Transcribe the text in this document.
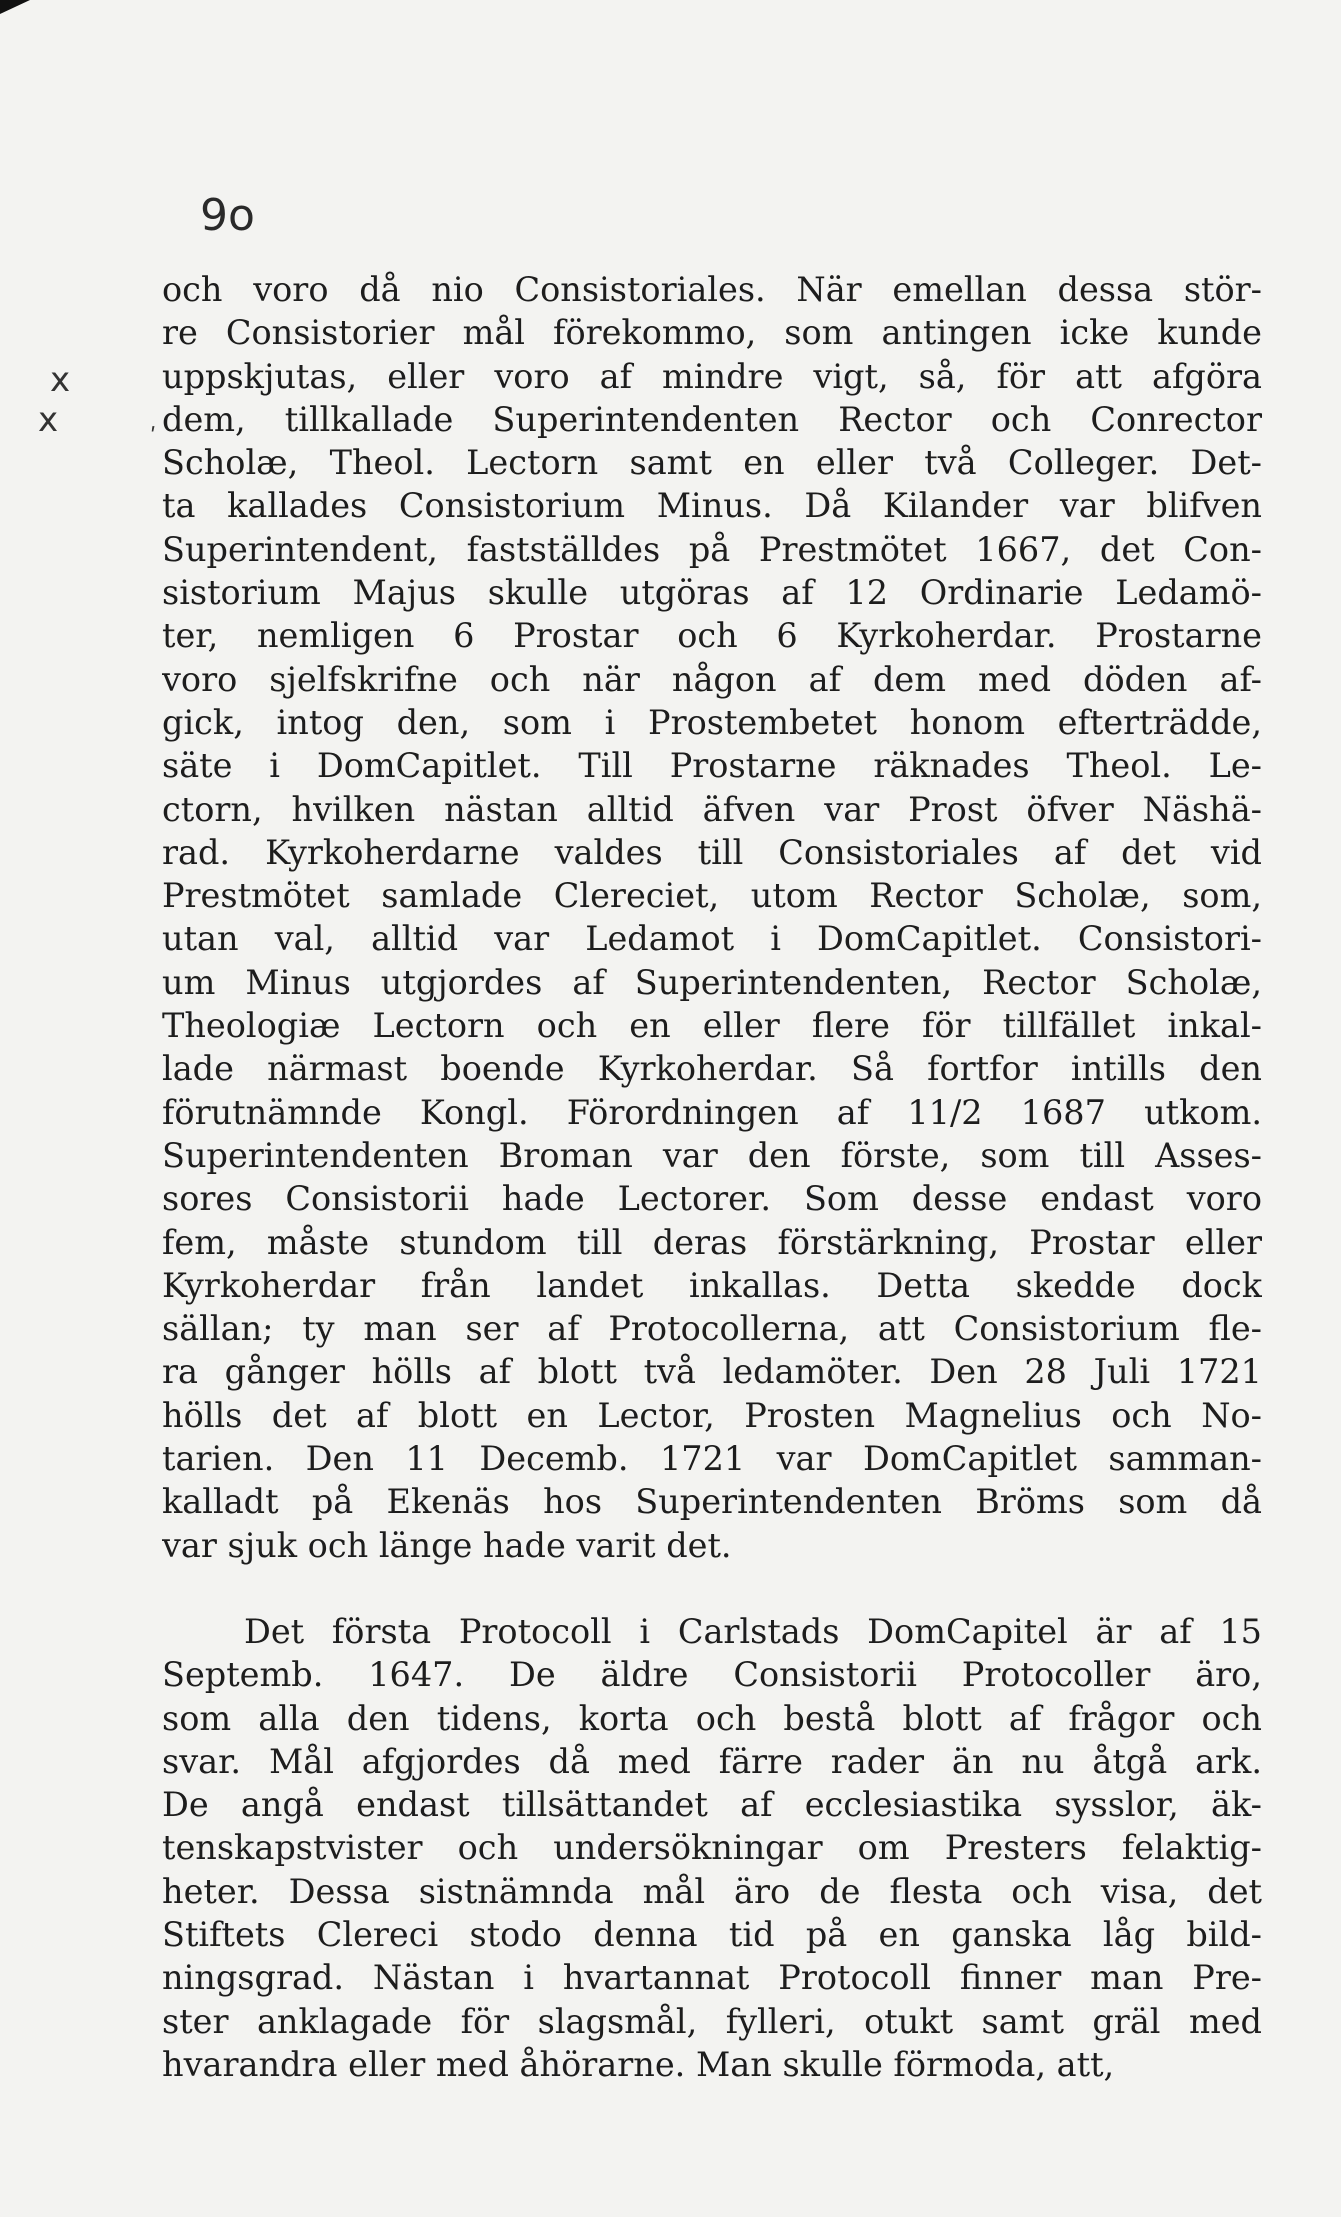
9o
ⅹ
ⅹ	ʹ
och voro då nio Consistoriales. När emellan dessa stör-
re Consistorier mål förekommo, som antingen icke kunde
uppskjutas, eller voro af mindre vigt, så, för att afgöra
dem, tillkallade Superintendenten Rector och Conrector
Scholæ, Theol. Lectorn samt en eller två Colleger. Det-
ta kallades Consistorium Minus. Då Kilander var blifven
Superintendent, fastställdes på Prestmötet 1667, det Con-
sistorium Majus skulle utgöras af 12 Ordinarie Ledamö-
ter, nemligen 6 Prostar och 6 Kyrkoherdar. Prostarne
voro sjelfskrifne och när någon af dem med döden af-
gick, intog den, som i Prostembetet honom efterträdde,
säte i DomCapitlet. Till Prostarne räknades Theol. Le-
ctorn, hvilken nästan alltid äfven var Prost öfver Näshä-
rad. Kyrkoherdarne valdes till Consistoriales af det vid
Prestmötet samlade Clereciet, utom Rector Scholæ, som,
utan val, alltid var Ledamot i DomCapitlet. Consistori-
um Minus utgjordes af Superintendenten, Rector Scholæ,
Theologiæ Lectorn och en eller flere för tillfället inkal-
lade närmast boende Kyrkoherdar. Så fortfor intills den
förutnämnde Kongl. Förordningen af 11/2 1687 utkom.
Superintendenten Broman var den förste, som till Asses-
sores Consistorii hade Lectorer. Som desse endast voro
fem, måste stundom till deras förstärkning, Prostar eller
Kyrkoherdar från landet inkallas. Detta skedde dock
sällan; ty man ser af Protocollerna, att Consistorium fle-
ra gånger hölls af blott två ledamöter. Den 28 Juli 1721
hölls det af blott en Lector, Prosten Magnelius och No-
tarien. Den 11 Decemb. 1721 var DomCapitlet samman-
kalladt på Ekenäs hos Superintendenten Bröms som då
var sjuk och länge hade varit det.
Det första Protocoll i Carlstads DomCapitel är af 15
Septemb. 1647. De äldre Consistorii Protocoller äro,
som alla den tidens, korta och bestå blott af frågor och
svar. Mål afgjordes då med färre rader än nu åtgå ark.
De angå endast tillsättandet af ecclesiastika sysslor, äk-
tenskapstvister och undersökningar om Presters felaktig-
heter. Dessa sistnämnda mål äro de flesta och visa, det
Stiftets Clereci stodo denna tid på en ganska låg bild-
ningsgrad. Nästan i hvartannat Protocoll finner man Pre-
ster anklagade för slagsmål, fylleri, otukt samt gräl med
hvarandra eller med åhörarne. Man skulle förmoda, att,
